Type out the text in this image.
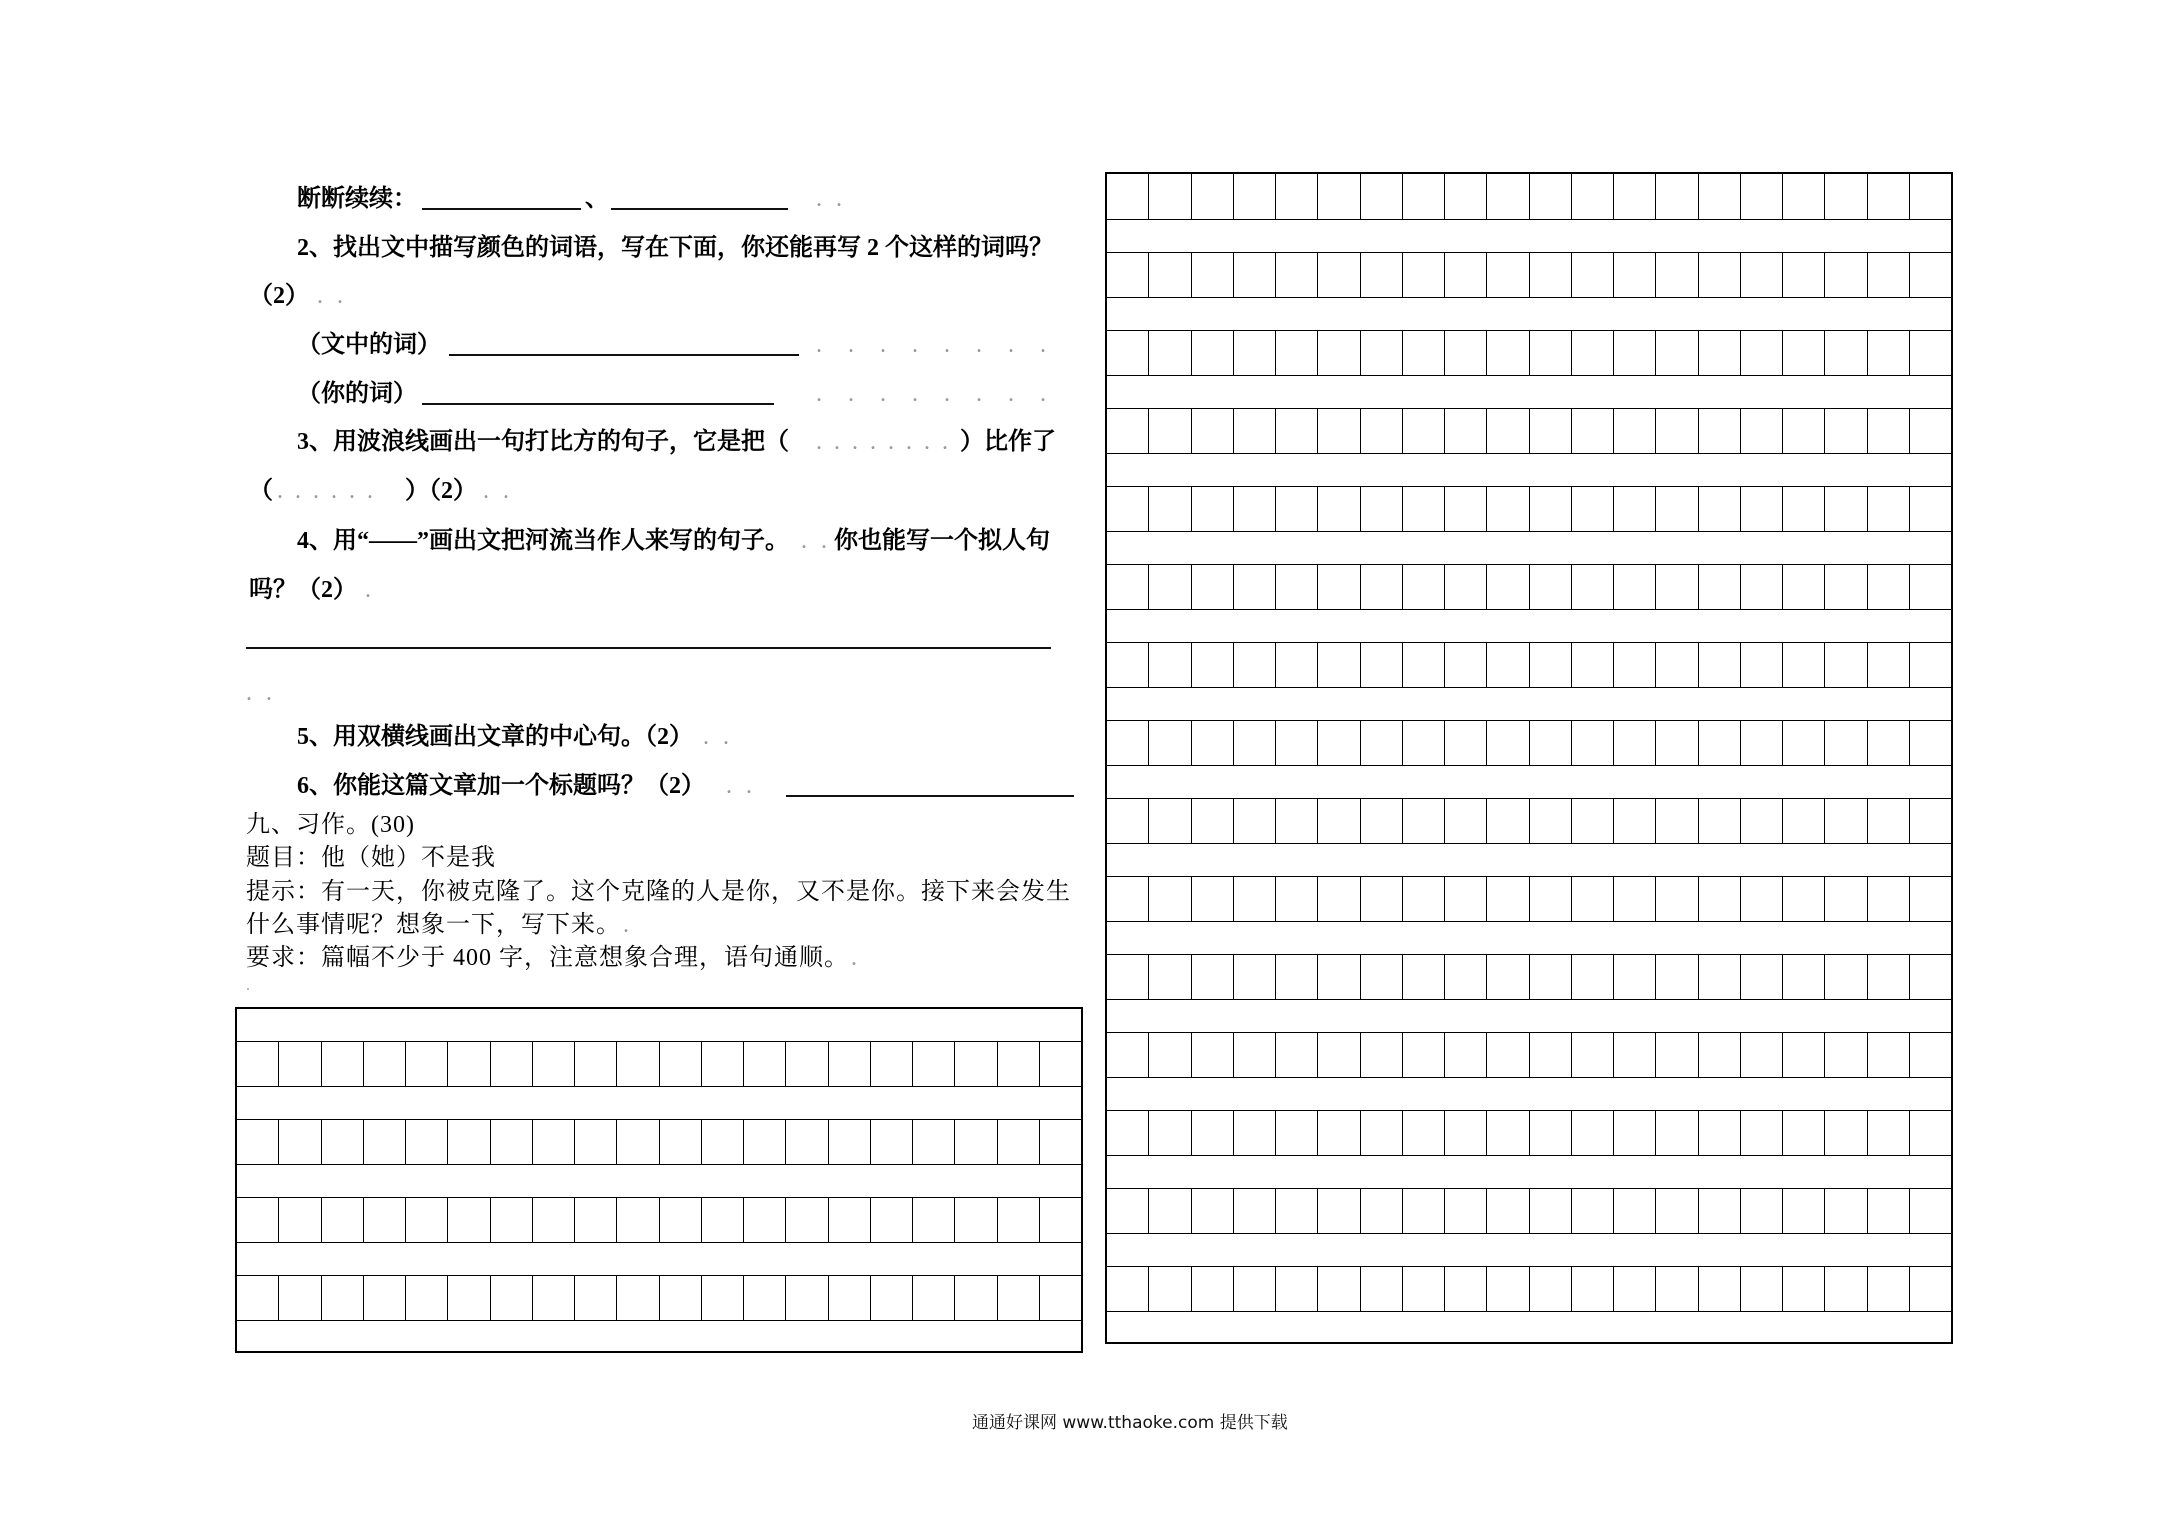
断断续续：	、	. .
2、找出文中描写颜色的词语，写在下面，你还能再写 2 个这样的词吗？
（2） . .
（文中的词）	. . . . . . . .
（你的词）	. . . . . . . .
3、用波浪线画出一句打比方的句子，它是把（ . . . . . . . . ）比作了
（ . . . . . . ）（2） . .
4、用“——”画出文把河流当作人来写的句子。 . . 你也能写一个拟人句
吗？（2） .
. .
5、用双横线画出文章的中心句。（2） . .
6、你能这篇文章加一个标题吗？（2） . .
九、习作。(30)
题目：他（她）不是我
提示：有一天，你被克隆了。这个克隆的人是你，又不是你。接下来会发生
什么事情呢？想象一下，写下来。.
要求：篇幅不少于 400 字，注意想象合理，语句通顺。.
.
通通好课网 www.tthaoke.com 提供下载
